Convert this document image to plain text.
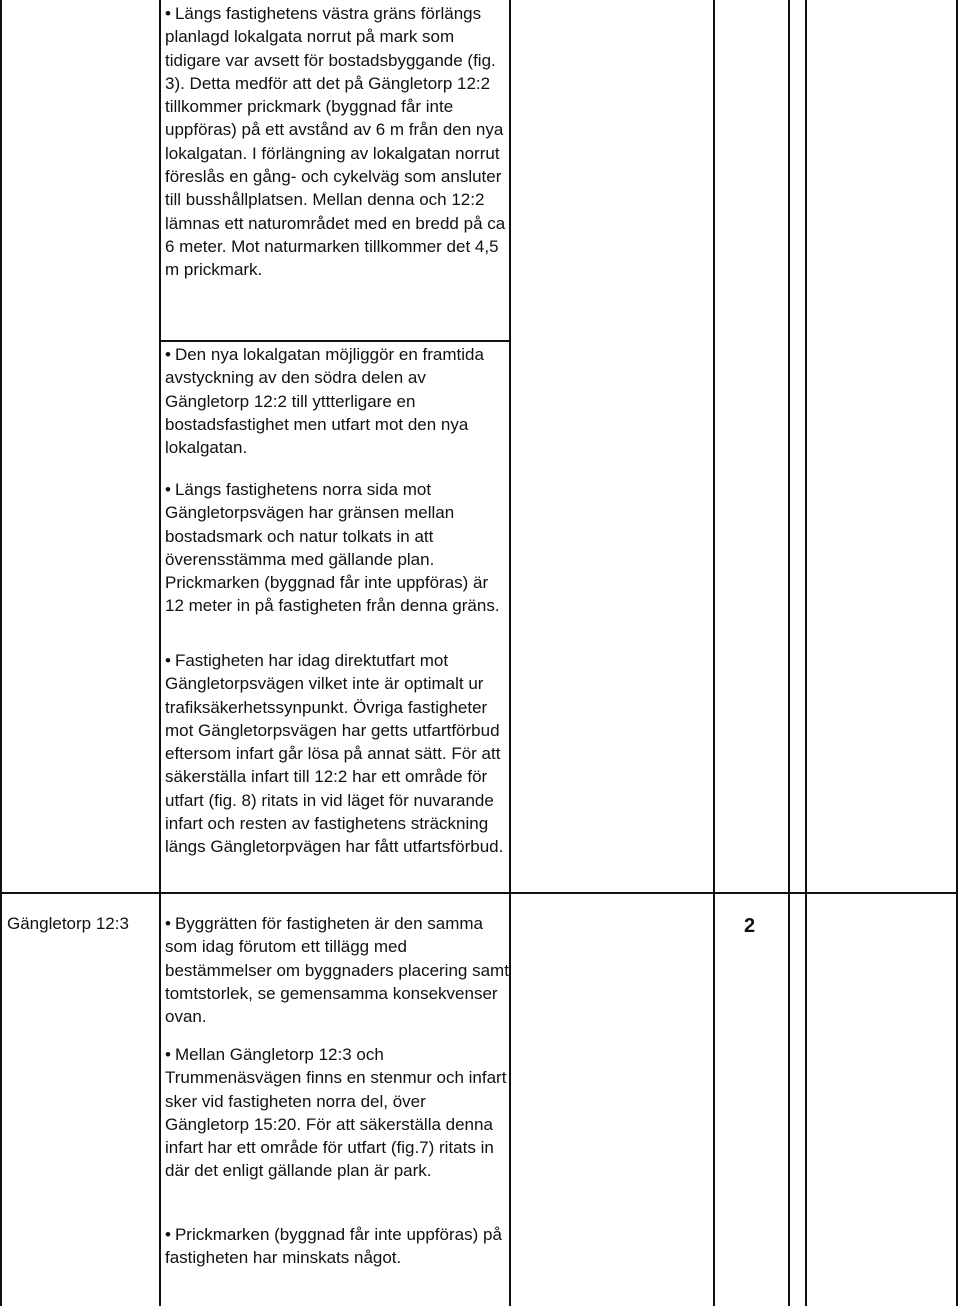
• Längs fastighetens västra gräns förlängs planlagd lokalgata norrut på mark som tidigare var avsett för bostadsbyggande (fig. 3). Detta medför att det på Gängletorp 12:2 tillkommer prickmark (byggnad får inte uppföras) på ett avstånd av 6 m från den nya lokalgatan. I förlängning av lokalgatan norrut föreslås en gång- och cykelväg som ansluter till busshållplatsen. Mellan denna och 12:2 lämnas ett naturområdet med en bredd på ca 6 meter. Mot naturmarken tillkommer det 4,5 m prickmark.

• Den nya lokalgatan möjliggör en framtida avstyckning av den södra delen av Gängletorp 12:2 till yttterligare en bostadsfastighet men utfart mot den nya lokalgatan.

• Längs fastighetens norra sida mot Gängletorpsvägen har gränsen mellan bostadsmark och natur tolkats in att överensstämma med gällande plan. Prickmarken (byggnad får inte uppföras) är 12 meter in på fastigheten från denna gräns.

• Fastigheten har idag direktutfart mot Gängletorpsvägen vilket inte är optimalt ur trafiksäkerhetssynpunkt. Övriga fastigheter mot Gängletorpsvägen har getts utfartförbud eftersom infart går lösa på annat sätt. För att säkerställa infart till 12:2 har ett område för utfart (fig. 8) ritats in vid läget för nuvarande infart och resten av fastighetens sträckning längs Gängletorpvägen har fått utfartsförbud.

Gängletorp 12:3	2

• Byggrätten för fastigheten är den samma som idag förutom ett tillägg med bestämmelser om byggnaders placering samt tomtstorlek, se gemensamma konsekvenser ovan.

• Mellan Gängletorp 12:3 och Trummenäsvägen finns en stenmur och infart sker vid fastigheten norra del, över Gängletorp 15:20. För att säkerställa denna infart har ett område för utfart (fig.7) ritats in där det enligt gällande plan är park.

• Prickmarken (byggnad får inte uppföras) på fastigheten har minskats något.
